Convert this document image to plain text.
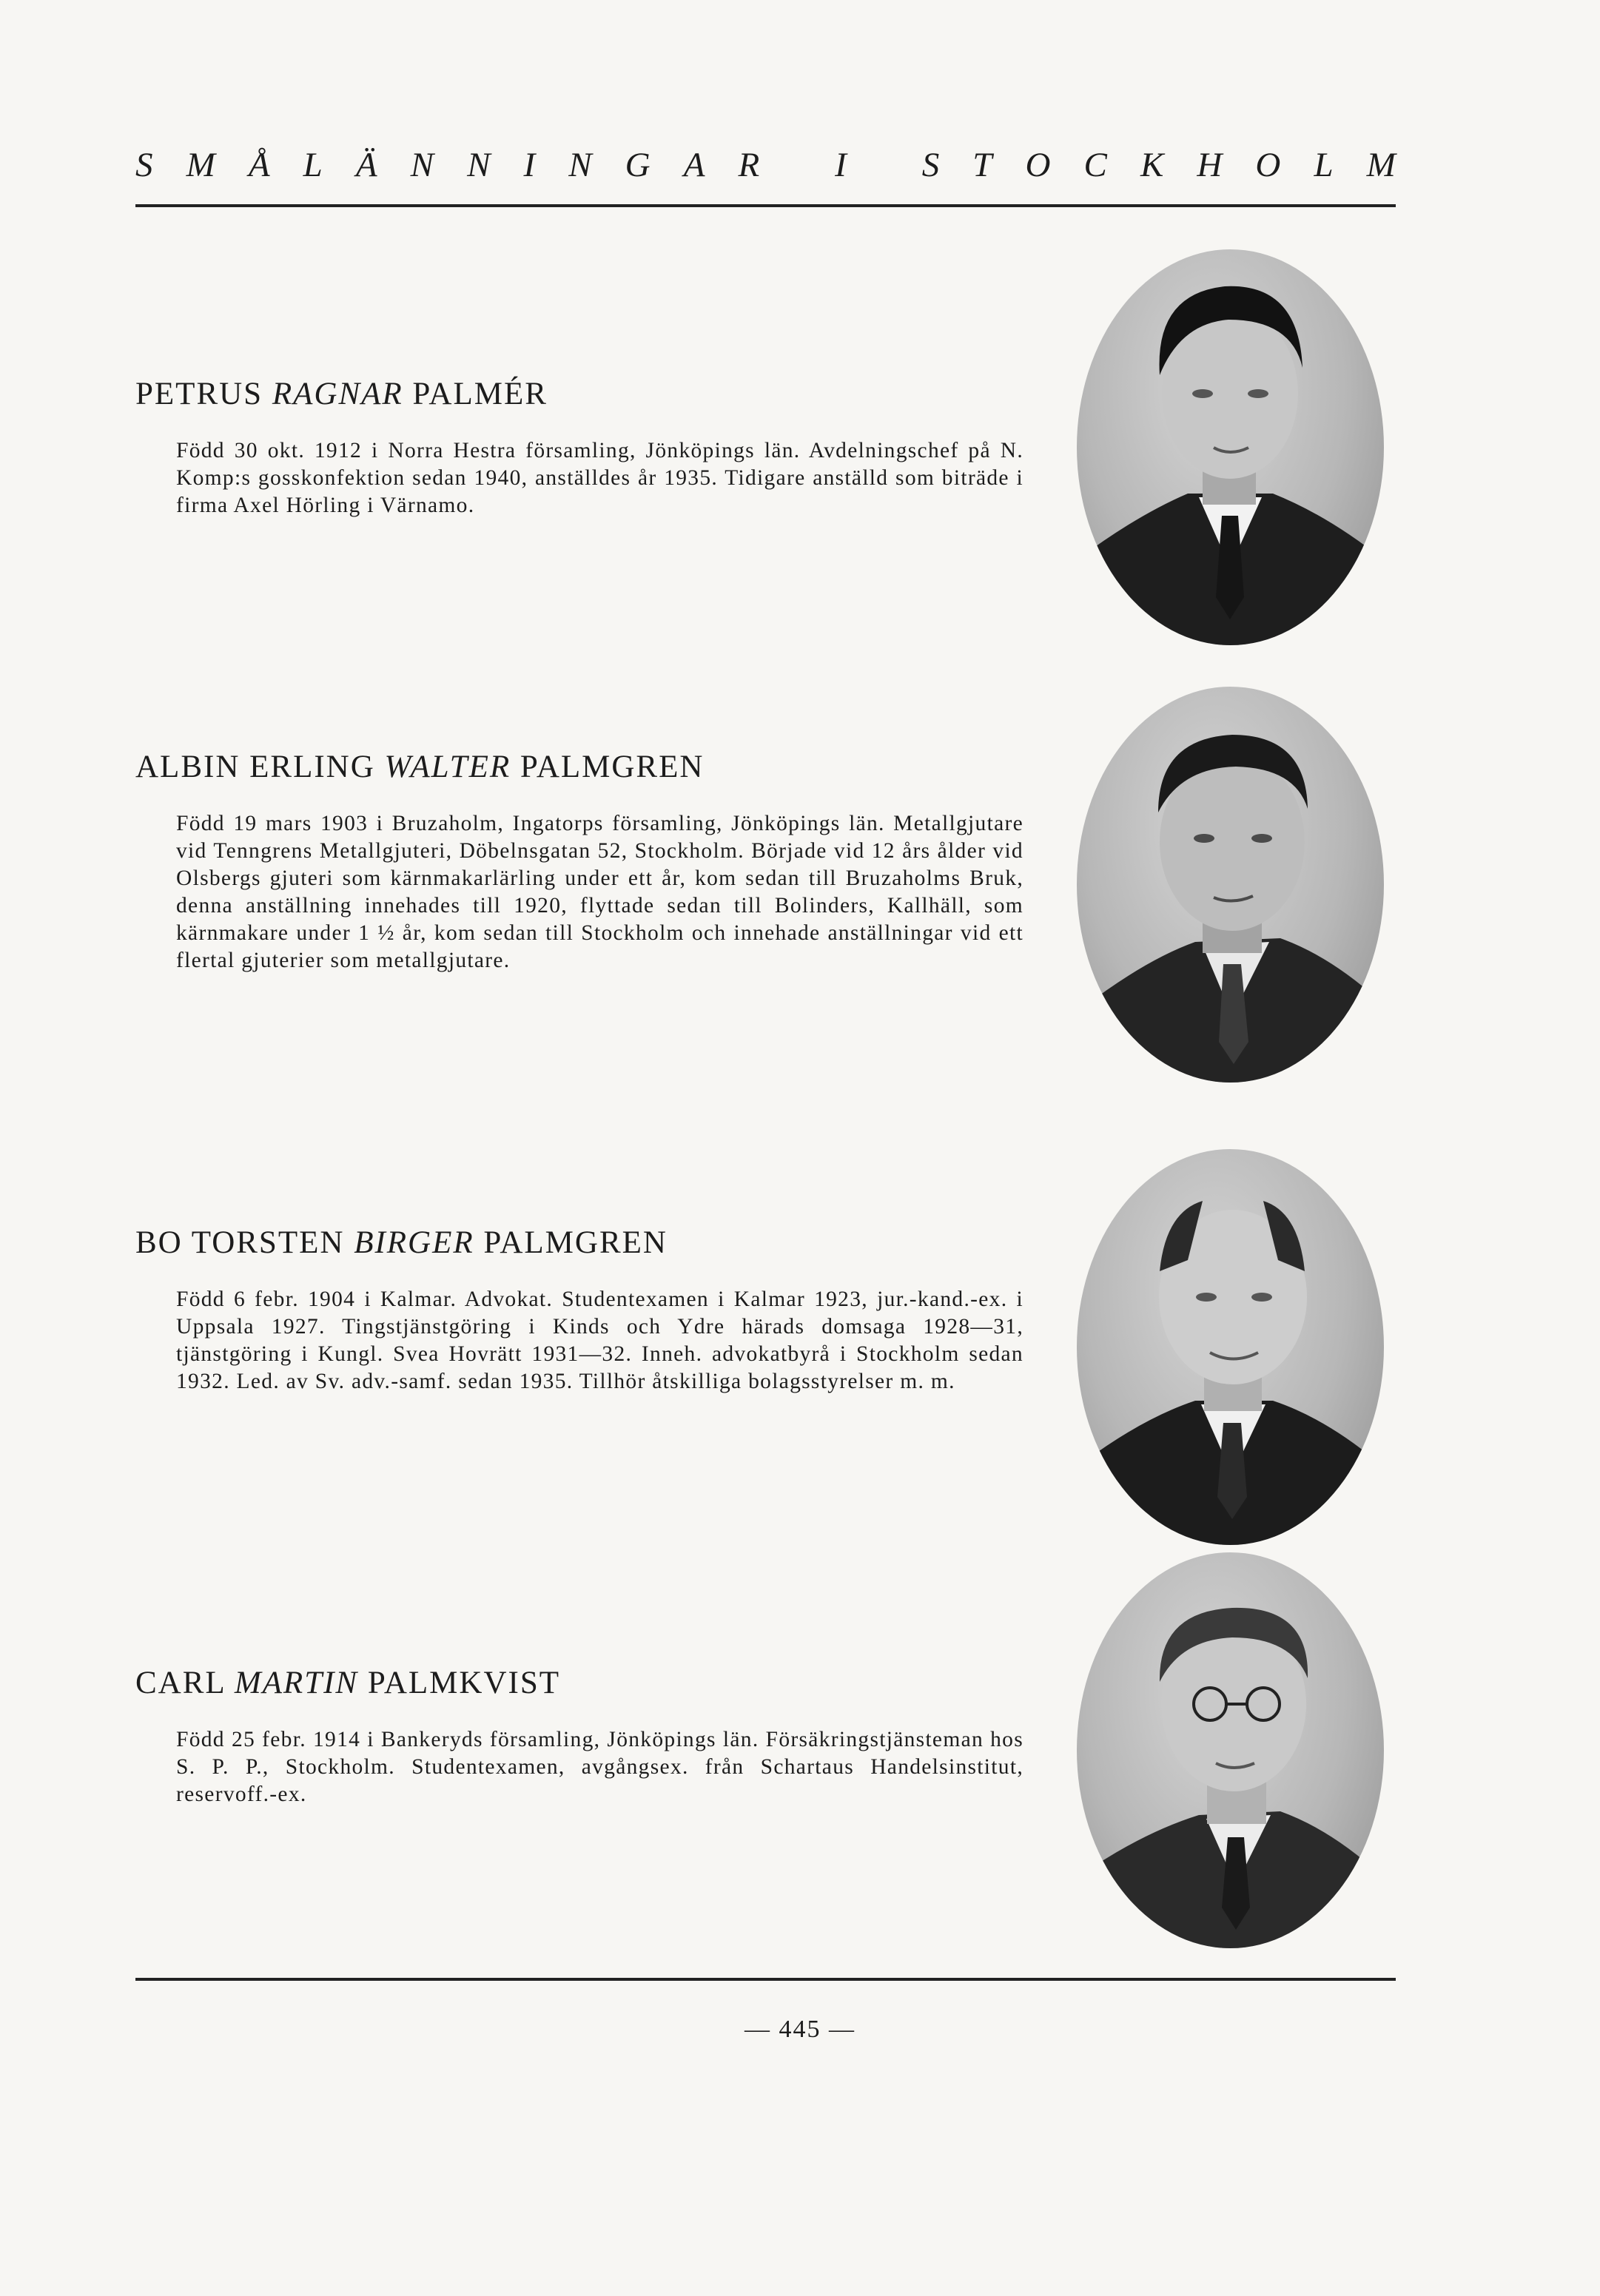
S M Å L Ä N N I N G A R
I
S T O C K H O L M
PETRUS RAGNAR PALMÉR

Född 30 okt. 1912 i Norra Hestra församling, Jönköpings län. Avdelningschef på N. Komp:s gosskonfektion sedan 1940, anställdes år 1935. Tidigare anställd som biträde i firma Axel Hörling i Värnamo.

ALBIN ERLING WALTER PALMGREN

Född 19 mars 1903 i Bruzaholm, Ingatorps församling, Jönköpings län. Metallgjutare vid Tenngrens Metallgjuteri, Döbelnsgatan 52, Stockholm. Började vid 12 års ålder vid Olsbergs gjuteri som kärnmakarlärling under ett år, kom sedan till Bruzaholms Bruk, denna anställning innehades till 1920, flyttade sedan till Bolinders, Kallhäll, som kärnmakare under 1 ½ år, kom sedan till Stockholm och innehade anställningar vid ett flertal gjuterier som metallgjutare.

BO TORSTEN BIRGER PALMGREN

Född 6 febr. 1904 i Kalmar. Advokat. Studentexamen i Kalmar 1923, jur.-kand.-ex. i Uppsala 1927. Tingstjänstgöring i Kinds och Ydre härads domsaga 1928—31, tjänstgöring i Kungl. Svea Hovrätt 1931—32. Inneh. advokatbyrå i Stockholm sedan 1932. Led. av Sv. adv.-samf. sedan 1935. Tillhör åtskilliga bolagsstyrelser m. m.

CARL MARTIN PALMKVIST

Född 25 febr. 1914 i Bankeryds församling, Jönköpings län. Försäkringstjänsteman hos S. P. P., Stockholm. Studentexamen, avgångsex. från Schartaus Handelsinstitut, reservoff.-ex.

— 445 —
